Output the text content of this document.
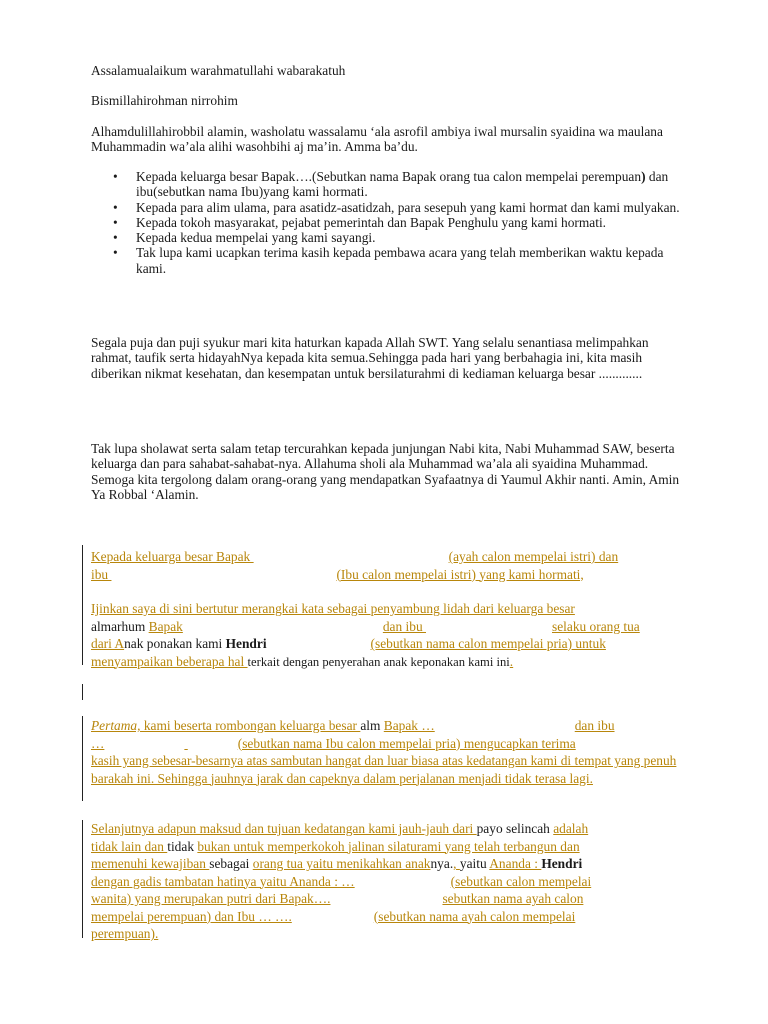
Assalamualaikum warahmatullahi wabarakatuh

Bismillahirohman nirrohim

Alhamdulillahirobbil alamin, washolatu wassalamu ‘ala asrofil ambiya iwal mursalin syaidina wa maulana Muhammadin wa’ala alihi wasohbihi aj ma’in. Amma ba’du.

• Kepada keluarga besar Bapak….(Sebutkan nama Bapak orang tua calon mempelai perempuan) dan ibu(sebutkan nama Ibu)yang kami hormati.
• Kepada para alim ulama, para asatidz-asatidzah, para sesepuh yang kami hormat dan kami mulyakan.
• Kepada tokoh masyarakat, pejabat pemerintah dan Bapak Penghulu yang kami hormati.
• Kepada kedua mempelai yang kami sayangi.
• Tak lupa kami ucapkan terima kasih kepada pembawa acara yang telah memberikan waktu kepada kami.

Segala puja dan puji syukur mari kita haturkan kapada Allah SWT. Yang selalu senantiasa melimpahkan rahmat, taufik serta hidayahNya kepada kita semua.Sehingga pada hari yang berbahagia ini, kita masih diberikan nikmat kesehatan, dan kesempatan untuk bersilaturahmi di kediaman keluarga besar .............

Tak lupa sholawat serta salam tetap tercurahkan kepada junjungan Nabi kita, Nabi Muhammad SAW, beserta keluarga dan para sahabat-sahabat-nya. Allahuma sholi ala Muhammad wa’ala ali syaidina Muhammad. Semoga kita tergolong dalam orang-orang yang mendapatkan Syafaatnya di Yaumul Akhir nanti. Amin, Amin Ya Robbal ‘Alamin.

Kepada keluarga besar Bapak	(ayah calon mempelai istri) dan
ibu	(Ibu calon mempelai istri) yang kami hormati,
Ijinkan saya di sini bertutur merangkai kata sebagai penyambung lidah dari keluarga besar
almarhum Bapak	dan ibu	selaku orang tua
dari Anak ponakan kami Hendri	(sebutkan nama calon mempelai pria) untuk
menyampaikan beberapa hal terkait dengan penyerahan anak keponakan kami ini.
Pertama, kami beserta rombongan keluarga besar alm Bapak …	dan ibu
…	(sebutkan nama Ibu calon mempelai pria) mengucapkan terima
kasih yang sebesar-besarnya atas sambutan hangat dan luar biasa atas kedatangan kami di tempat yang penuh barakah ini. Sehingga jauhnya jarak dan capeknya dalam perjalanan menjadi tidak terasa lagi.
Selanjutnya adapun maksud dan tujuan kedatangan kami jauh-jauh dari payo selincah adalah
tidak lain dan tidak bukan untuk memperkokoh jalinan silaturami yang telah terbangun dan
memenuhi kewajiban sebagai orang tua yaitu menikahkan anaknya., yaitu Ananda : Hendri
dengan gadis tambatan hatinya yaitu Ananda : …	(sebutkan calon mempelai
wanita) yang merupakan putri dari Bapak….	sebutkan nama ayah calon
mempelai perempuan) dan Ibu … ….	(sebutkan nama ayah calon mempelai
perempuan).
